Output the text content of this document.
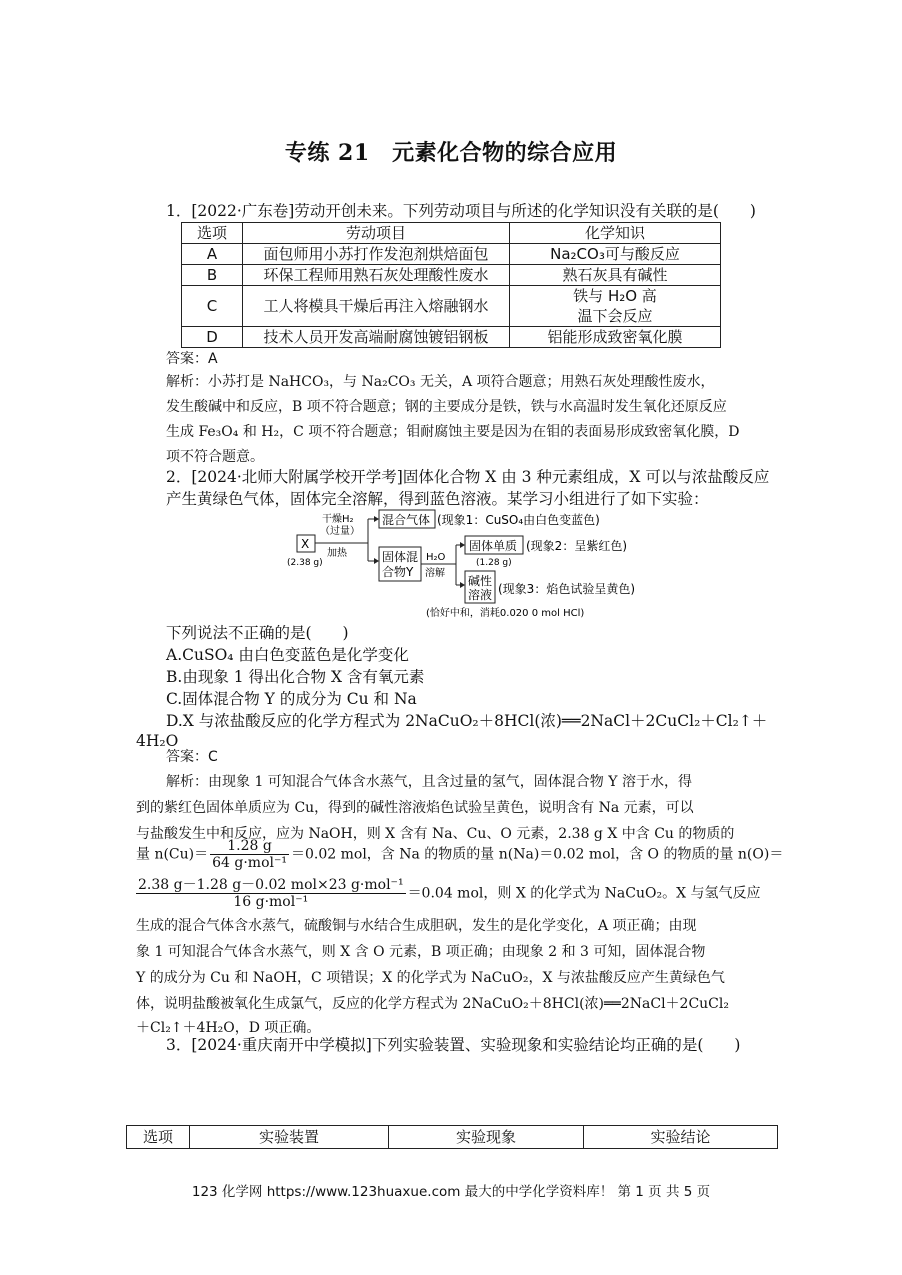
专练 21　元素化合物的综合应用
1．[2022·广东卷]劳动开创未来。下列劳动项目与所述的化学知识没有关联的是(　　)
选项	劳动项目	化学知识
A	面包师用小苏打作发泡剂烘焙面包	Na₂CO₃可与酸反应
B	环保工程师用熟石灰处理酸性废水	熟石灰具有碱性
C	工人将模具干燥后再注入熔融钢水	铁与 H₂O 高
温下会反应

D	技术人员开发高端耐腐蚀镀铝钢板	铝能形成致密氧化膜
答案：A
解析：小苏打是 NaHCO₃，与 Na₂CO₃ 无关，A 项符合题意；用熟石灰处理酸性废水，
发生酸碱中和反应，B 项不符合题意；钢的主要成分是铁，铁与水高温时发生氧化还原反应
生成 Fe₃O₄ 和 H₂，C 项不符合题意；钼耐腐蚀主要是因为在钼的表面易形成致密氧化膜，D
项不符合题意。
2．[2024·北师大附属学校开学考]固体化合物 X 由 3 种元素组成，X 可以与浓盐酸反应
产生黄绿色气体，固体完全溶解，得到蓝色溶液。某学习小组进行了如下实验：
X
(2.38 g)
干燥H₂
（过量）
加热
混合气体 (现象1：CuSO₄由白色变蓝色)
固体混
合物Y
H₂O
溶解
固体单质
(1.28 g)
(现象2：呈紫红色)
碱性
溶液 (现象3：焰色试验呈黄色)
(恰好中和，消耗0.020 0 mol HCl)
下列说法不正确的是(　　)
A.CuSO₄ 由白色变蓝色是化学变化
B.由现象 1 得出化合物 X 含有氧元素
C.固体混合物 Y 的成分为 Cu 和 Na
D.X 与浓盐酸反应的化学方程式为 2NaCuO₂＋8HCl(浓)══2NaCl＋2CuCl₂＋Cl₂↑＋
4H₂O
答案：C
解析：由现象 1 可知混合气体含水蒸气，且含过量的氢气，固体混合物 Y 溶于水，得
到的紫红色固体单质应为 Cu，得到的碱性溶液焰色试验呈黄色，说明含有 Na 元素，可以
与盐酸发生中和反应，应为 NaOH，则 X 含有 Na、Cu、O 元素，2.38 g X 中含 Cu 的物质的
量 $n(Cu)= \frac{1.28 g}{\text{64 g·mol⁻¹}} =0.02$ mol，含 Na 的物质的量 n(Na)＝0.02 mol，含 O 的物质的量 n(O)＝
$\frac{\text{2.38 g－1.28 g－0.02 mol×23 g·mol⁻¹}}{\text{16 g·mol⁻¹}} =0.04$ mol，则 X 的化学式为 NaCuO₂。X 与氢气反应
生成的混合气体含水蒸气，硫酸铜与水结合生成胆矾，发生的是化学变化，A 项正确；由现
象 1 可知混合气体含水蒸气，则 X 含 O 元素，B 项正确；由现象 2 和 3 可知，固体混合物
Y 的成分为 Cu 和 NaOH，C 项错误；X 的化学式为 NaCuO₂，X 与浓盐酸反应产生黄绿色气
体，说明盐酸被氧化生成氯气，反应的化学方程式为 2NaCuO₂＋8HCl(浓)══2NaCl＋2CuCl₂
＋Cl₂↑＋4H₂O，D 项正确。
3．[2024·重庆南开中学模拟]下列实验装置、实验现象和实验结论均正确的是(　　)
选项	实验装置	实验现象	实验结论
123 化学网 https://www.123huaxue.com 最大的中学化学资料库！ 第 1 页 共 5 页
